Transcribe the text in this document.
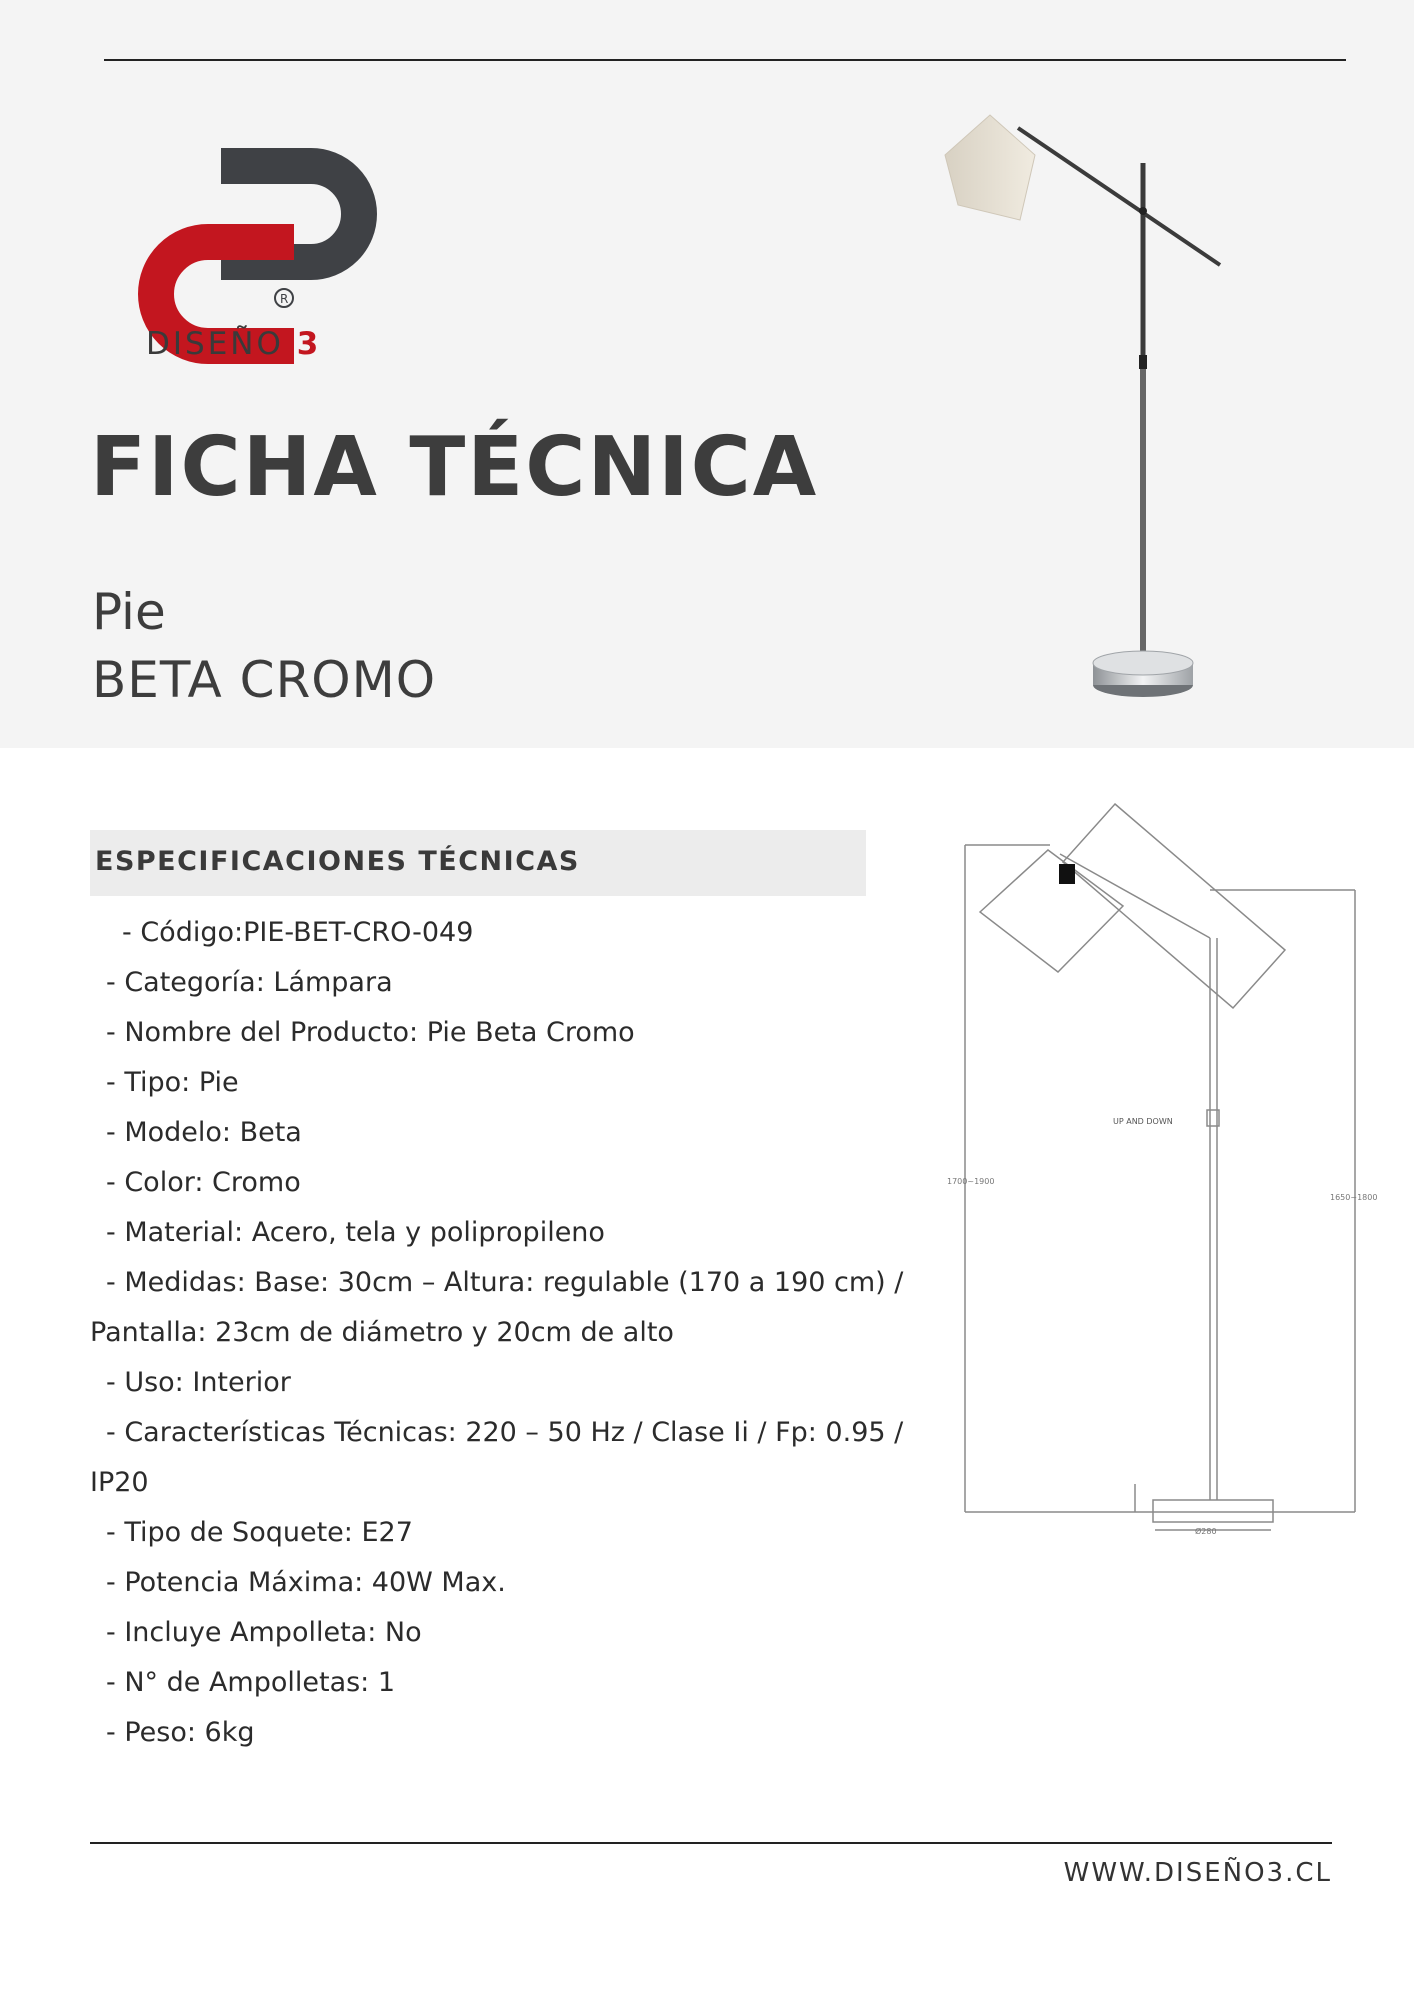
R
DISEÑO 3
FICHA TÉCNICA
Pie
BETA CROMO
ESPECIFICACIONES TÉCNICAS
- Código:PIE-BET-CRO-049
- Categoría: Lámpara
- Nombre del Producto: Pie Beta Cromo
- Tipo: Pie
- Modelo: Beta
- Color: Cromo
- Material: Acero, tela y polipropileno
- Medidas: Base: 30cm – Altura: regulable (170 a 190 cm) /
Pantalla: 23cm de diámetro y 20cm de alto
- Uso: Interior
- Características Técnicas: 220 – 50 Hz / Clase Ii / Fp: 0.95 /
IP20
- Tipo de Soquete: E27
- Potencia Máxima: 40W Max.
- Incluye Ampolleta: No
- N° de Ampolletas: 1
- Peso: 6kg
UP AND DOWN
1700~1900
1650~1800
Ø280
WWW.DISEÑO3.CL
